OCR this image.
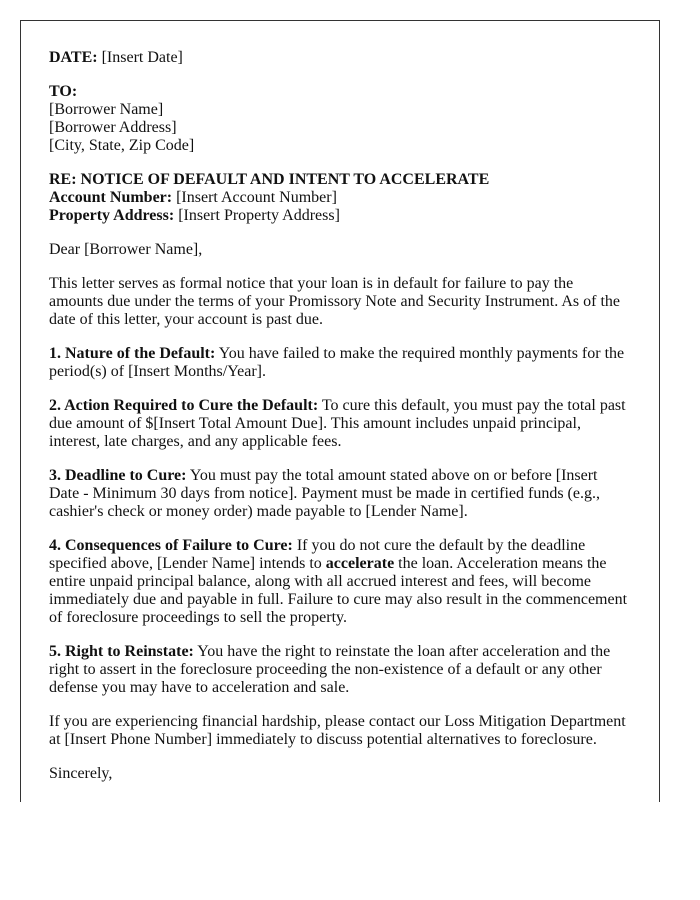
DATE: [Insert Date]

TO:
[Borrower Name]
[Borrower Address]
[City, State, Zip Code]

RE: NOTICE OF DEFAULT AND INTENT TO ACCELERATE
Account Number: [Insert Account Number]
Property Address: [Insert Property Address]

Dear [Borrower Name],

This letter serves as formal notice that your loan is in default for failure to pay the amounts due under the terms of your Promissory Note and Security Instrument. As of the date of this letter, your account is past due.

1. Nature of the Default: You have failed to make the required monthly payments for the period(s) of [Insert Months/Year].

2. Action Required to Cure the Default: To cure this default, you must pay the total past due amount of $[Insert Total Amount Due]. This amount includes unpaid principal, interest, late charges, and any applicable fees.

3. Deadline to Cure: You must pay the total amount stated above on or before [Insert Date - Minimum 30 days from notice]. Payment must be made in certified funds (e.g., cashier's check or money order) made payable to [Lender Name].

4. Consequences of Failure to Cure: If you do not cure the default by the deadline specified above, [Lender Name] intends to accelerate the loan. Acceleration means the entire unpaid principal balance, along with all accrued interest and fees, will become immediately due and payable in full. Failure to cure may also result in the commencement of foreclosure proceedings to sell the property.

5. Right to Reinstate: You have the right to reinstate the loan after acceleration and the right to assert in the foreclosure proceeding the non-existence of a default or any other defense you may have to acceleration and sale.

If you are experiencing financial hardship, please contact our Loss Mitigation Department at [Insert Phone Number] immediately to discuss potential alternatives to foreclosure.

Sincerely,
